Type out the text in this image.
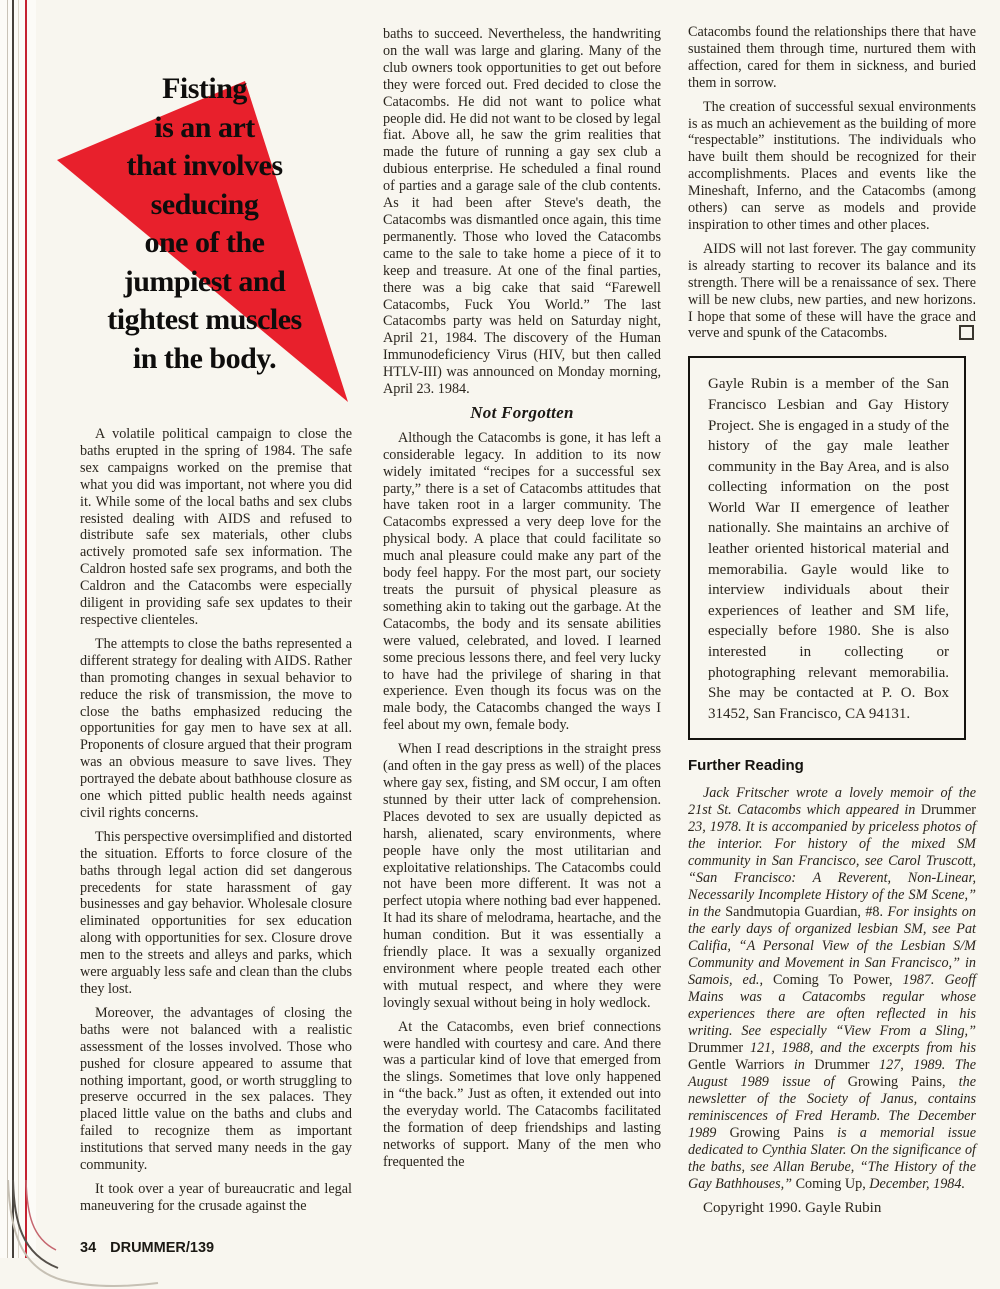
Fisting
is an art
that involves
seducing
one of the
jumpiest and
tightest muscles
in the body.

A volatile political campaign to close the baths erupted in the spring of 1984. The safe sex campaigns worked on the premise that what you did was important, not where you did it. While some of the local baths and sex clubs resisted dealing with AIDS and refused to distribute safe sex materials, other clubs actively promoted safe sex information. The Caldron hosted safe sex programs, and both the Caldron and the Catacombs were especially diligent in providing safe sex updates to their respective clienteles.

The attempts to close the baths represented a different strategy for dealing with AIDS. Rather than promoting changes in sexual behavior to reduce the risk of transmission, the move to close the baths emphasized reducing the opportunities for gay men to have sex at all. Proponents of closure argued that their program was an obvious measure to save lives. They portrayed the debate about bathhouse closure as one which pitted public health needs against civil rights concerns.

This perspective oversimplified and distorted the situation. Efforts to force closure of the baths through legal action did set dangerous precedents for state harassment of gay businesses and gay behavior. Wholesale closure eliminated opportunities for sex education along with opportunities for sex. Closure drove men to the streets and alleys and parks, which were arguably less safe and clean than the clubs they lost.

Moreover, the advantages of closing the baths were not balanced with a realistic assessment of the losses involved. Those who pushed for closure appeared to assume that nothing important, good, or worth struggling to preserve occurred in the sex palaces. They placed little value on the baths and clubs and failed to recognize them as important institutions that served many needs in the gay community.

It took over a year of bureaucratic and legal maneuvering for the crusade against the

baths to succeed. Nevertheless, the handwriting on the wall was large and glaring. Many of the club owners took opportunities to get out before they were forced out. Fred decided to close the Catacombs. He did not want to police what people did. He did not want to be closed by legal fiat. Above all, he saw the grim realities that made the future of running a gay sex club a dubious enterprise. He scheduled a final round of parties and a garage sale of the club contents. As it had been after Steve's death, the Catacombs was dismantled once again, this time permanently. Those who loved the Catacombs came to the sale to take home a piece of it to keep and treasure. At one of the final parties, there was a big cake that said “Farewell Catacombs, Fuck You World.” The last Catacombs party was held on Saturday night, April 21, 1984. The discovery of the Human Immunodeficiency Virus (HIV, but then called HTLV-III) was announced on Monday morning, April 23. 1984.

Not Forgotten

Although the Catacombs is gone, it has left a considerable legacy. In addition to its now widely imitated “recipes for a successful sex party,” there is a set of Catacombs attitudes that have taken root in a larger community. The Catacombs expressed a very deep love for the physical body. A place that could facilitate so much anal pleasure could make any part of the body feel happy. For the most part, our society treats the pursuit of physical pleasure as something akin to taking out the garbage. At the Catacombs, the body and its sensate abilities were valued, celebrated, and loved. I learned some precious lessons there, and feel very lucky to have had the privilege of sharing in that experience. Even though its focus was on the male body, the Catacombs changed the ways I feel about my own, female body.

When I read descriptions in the straight press (and often in the gay press as well) of the places where gay sex, fisting, and SM occur, I am often stunned by their utter lack of comprehension. Places devoted to sex are usually depicted as harsh, alienated, scary environments, where people have only the most utilitarian and exploitative relationships. The Catacombs could not have been more different. It was not a perfect utopia where nothing bad ever happened. It had its share of melodrama, heartache, and the human condition. But it was essentially a friendly place. It was a sexually organized environment where people treated each other with mutual respect, and where they were lovingly sexual without being in holy wedlock.

At the Catacombs, even brief connections were handled with courtesy and care. And there was a particular kind of love that emerged from the slings. Sometimes that love only happened in “the back.” Just as often, it extended out into the everyday world. The Catacombs facilitated the formation of deep friendships and lasting networks of support. Many of the men who frequented the

Catacombs found the relationships there that have sustained them through time, nurtured them with affection, cared for them in sickness, and buried them in sorrow.

The creation of successful sexual environments is as much an achievement as the building of more “respectable” institutions. The individuals who have built them should be recognized for their accomplishments. Places and events like the Mineshaft, Inferno, and the Catacombs (among others) can serve as models and provide inspiration to other times and other places.

AIDS will not last forever. The gay community is already starting to recover its balance and its strength. There will be a renaissance of sex. There will be new clubs, new parties, and new horizons. I hope that some of these will have the grace and verve and spunk of the Catacombs.

Gayle Rubin is a member of the San Francisco Lesbian and Gay History Project. She is engaged in a study of the history of the gay male leather community in the Bay Area, and is also collecting information on the post World War II emergence of leather nationally. She maintains an archive of leather oriented historical material and memorabilia. Gayle would like to interview individuals about their experiences of leather and SM life, especially before 1980. She is also interested in collecting or photographing relevant memorabilia. She may be contacted at P. O. Box 31452, San Francisco, CA 94131.

Further Reading

Jack Fritscher wrote a lovely memoir of the 21st St. Catacombs which appeared in Drummer 23, 1978. It is accompanied by priceless photos of the interior. For history of the mixed SM community in San Francisco, see Carol Truscott, “San Francisco: A Reverent, Non-Linear, Necessarily Incomplete History of the SM Scene,” in the Sandmutopia Guardian, #8. For insights on the early days of organized lesbian SM, see Pat Califia, “A Personal View of the Lesbian S/M Community and Movement in San Francisco,” in Samois, ed., Coming To Power, 1987. Geoff Mains was a Catacombs regular whose experiences there are often reflected in his writing. See especially “View From a Sling,” Drummer 121, 1988, and the excerpts from his Gentle Warriors in Drummer 127, 1989. The August 1989 issue of Growing Pains, the newsletter of the Society of Janus, contains reminiscences of Fred Heramb. The December 1989 Growing Pains is a memorial issue dedicated to Cynthia Slater. On the significance of the baths, see Allan Berube, “The History of the Gay Bathhouses,” Coming Up, December, 1984.

Copyright 1990. Gayle Rubin

34 DRUMMER/139
